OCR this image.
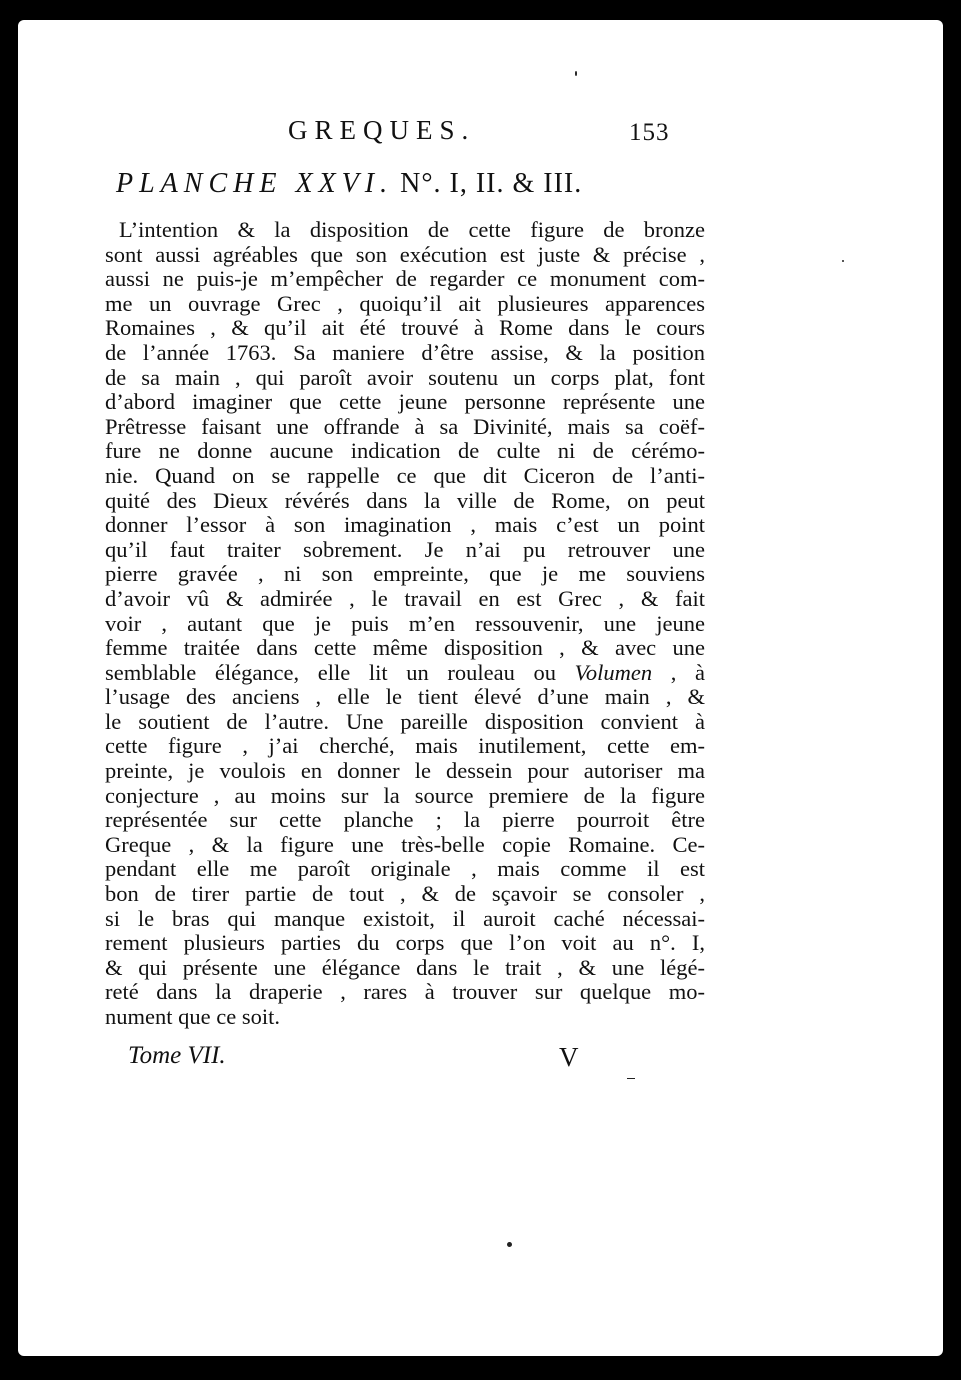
GREQUES.	153
PLANCHE XXVI. N°. I, II. & III.
L’intention & la disposition de cette figure de bronze
sont aussi agréables que son exécution est juste & précise ,
aussi ne puis-je m’empêcher de regarder ce monument com-
me un ouvrage Grec , quoiqu’il ait plusieures apparences
Romaines , & qu’il ait été trouvé à Rome dans le cours
de l’année 1763. Sa maniere d’être assise, & la position
de sa main , qui paroît avoir soutenu un corps plat, font
d’abord imaginer que cette jeune personne représente une
Prêtresse faisant une offrande à sa Divinité, mais sa coëf-
fure ne donne aucune indication de culte ni de cérémo-
nie. Quand on se rappelle ce que dit Ciceron de l’anti-
quité des Dieux révérés dans la ville de Rome, on peut
donner l’essor à son imagination , mais c’est un point
qu’il faut traiter sobrement. Je n’ai pu retrouver une
pierre gravée , ni son empreinte, que je me souviens
d’avoir vû & admirée , le travail en est Grec , & fait
voir , autant que je puis m’en ressouvenir, une jeune
femme traitée dans cette même disposition , & avec une
semblable élégance, elle lit un rouleau ou Volumen , à
l’usage des anciens , elle le tient élevé d’une main , &
le soutient de l’autre. Une pareille disposition convient à
cette figure , j’ai cherché, mais inutilement, cette em-
preinte, je voulois en donner le dessein pour autoriser ma
conjecture , au moins sur la source premiere de la figure
représentée sur cette planche ; la pierre pourroit être
Greque , & la figure une très-belle copie Romaine. Ce-
pendant elle me paroît originale , mais comme il est
bon de tirer partie de tout , & de sçavoir se consoler ,
si le bras qui manque existoit, il auroit caché nécessai-
rement plusieurs parties du corps que l’on voit au n°. I,
& qui présente une élégance dans le trait , & une légé-
reté dans la draperie , rares à trouver sur quelque mo-
nument que ce soit.
Tome VII.	V
